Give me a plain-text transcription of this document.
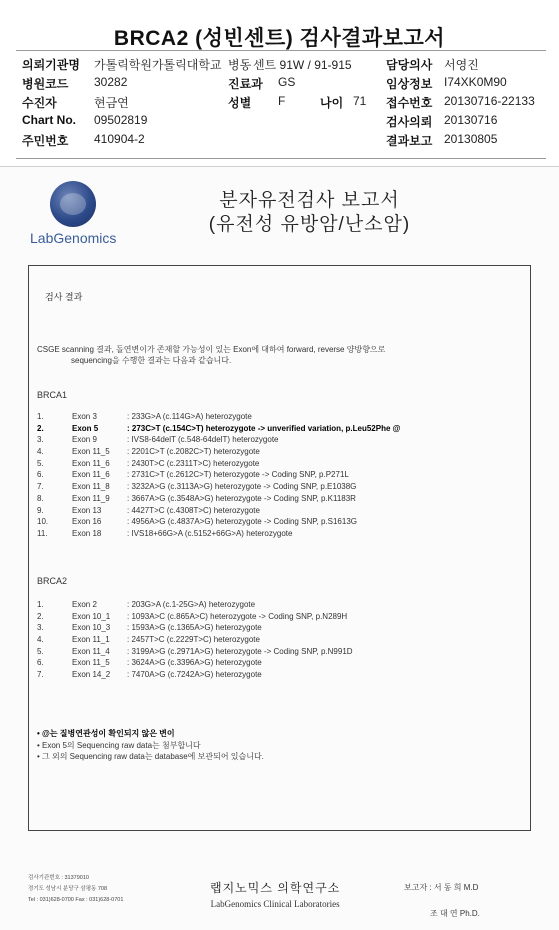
BRCA2 (성빈센트) 검사결과보고서
의뢰기관명 가톨릭학원가톨릭대학교 병동 센트 91W / 91-915	담당의사 서영진
병원코드 30282	진료과 GS	임상정보 I74XK0M90
수진자	현금연	성별 F	나이 71 접수번호 20130716-22133
Chart No. 09502819	검사의뢰 20130716
주민번호 410904-2	결과보고 20130805
LabGenomics
분자유전검사 보고서
(유전성 유방암/난소암)
검사 결과
CSGE scanning 결과, 돌연변이가 존재할 가능성이 있는 Exon에 대하여 forward, reverse 양방향으로
sequencing을 수행한 결과는 다음과 같습니다.
BRCA1
1.	Exon 3	: 233G>A (c.114G>A) heterozygote
2.	Exon 5	: 273C>T (c.154C>T) heterozygote -> unverified variation, p.Leu52Phe @
3.	Exon 9	: IVS8-64delT (c.548-64delT) heterozygote
4.	Exon 11_5 : 2201C>T (c.2082C>T) heterozygote
5.	Exon 11_6 : 2430T>C (c.2311T>C) heterozygote
6.	Exon 11_6 : 2731C>T (c.2612C>T) heterozygote -> Coding SNP, p.P271L
7.	Exon 11_8 : 3232A>G (c.3113A>G) heterozygote -> Coding SNP, p.E1038G
8.	Exon 11_9 : 3667A>G (c.3548A>G) heterozygote -> Coding SNP, p.K1183R
9.	Exon 13	: 4427T>C (c.4308T>C) heterozygote
10.	Exon 16	: 4956A>G (c.4837A>G) heterozygote -> Coding SNP, p.S1613G
11.	Exon 18	: IVS18+66G>A (c.5152+66G>A) heterozygote
BRCA2
1.	Exon 2	: 203G>A (c.1-25G>A) heterozygote
2.	Exon 10_1 : 1093A>C (c.865A>C) heterozygote -> Coding SNP, p.N289H
3.	Exon 10_3 : 1593A>G (c.1365A>G) heterozygote
4.	Exon 11_1 : 2457T>C (c.2229T>C) heterozygote
5.	Exon 11_4 : 3199A>G (c.2971A>G) heterozygote -> Coding SNP, p.N991D
6.	Exon 11_5 : 3624A>G (c.3396A>G) heterozygote
7.	Exon 14_2 : 7470A>G (c.7242A>G) heterozygote
• @는 질병연관성이 확인되지 않은 변이
• Exon 5의 Sequencing raw data는 첨부합니다
• 그 외의 Sequencing raw data는 database에 보관되어 있습니다.
검사기관번호 : 31379010
경기도 성남시 분당구 삼평동 708
Tel : 031)628-0700 Fax : 031)628-0701
랩지노믹스 의학연구소
LabGenomics Clinical Laboratories
보고자 : 서 동 희 M.D
조 대 연 Ph.D.
